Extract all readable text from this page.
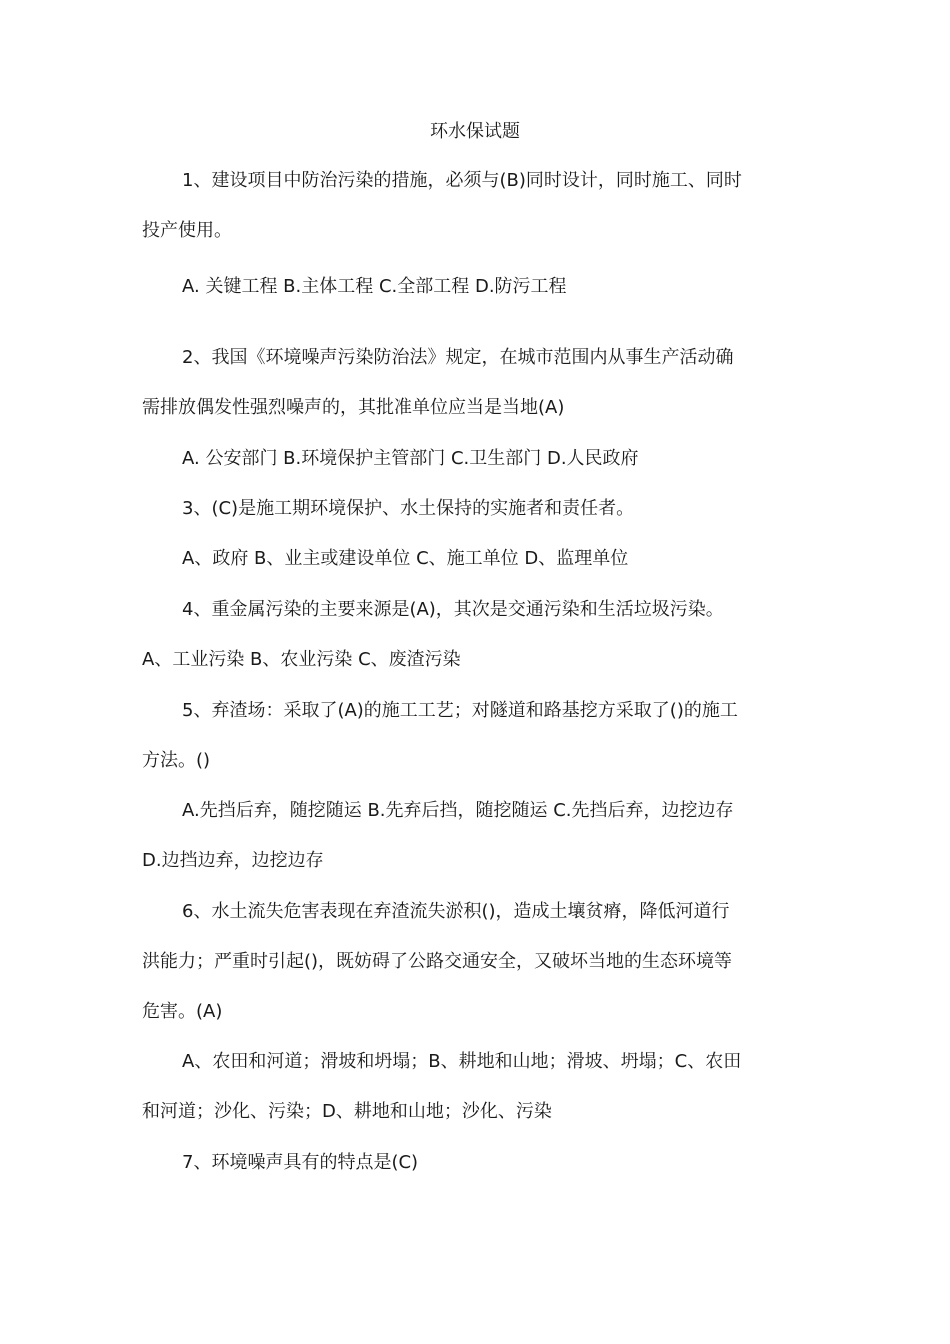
环水保试题
1、建设项目中防治污染的措施，必须与(B)同时设计，同时施工、同时
投产使用。
A. 关键工程 B.主体工程 C.全部工程 D.防污工程
2、我国《环境噪声污染防治法》规定，在城市范围内从事生产活动确
需排放偶发性强烈噪声的，其批准单位应当是当地(A)
A. 公安部门 B.环境保护主管部门 C.卫生部门 D.人民政府
3、(C)是施工期环境保护、水土保持的实施者和责任者。
A、政府 B、业主或建设单位 C、施工单位 D、监理单位
4、重金属污染的主要来源是(A)，其次是交通污染和生活垃圾污染。
A、工业污染 B、农业污染 C、废渣污染
5、弃渣场：采取了(A)的施工工艺；对隧道和路基挖方采取了()的施工
方法。()
A.先挡后弃，随挖随运 B.先弃后挡，随挖随运 C.先挡后弃，边挖边存
D.边挡边弃，边挖边存
6、水土流失危害表现在弃渣流失淤积()，造成土壤贫瘠，降低河道行
洪能力；严重时引起()，既妨碍了公路交通安全，又破坏当地的生态环境等
危害。(A)
A、农田和河道；滑坡和坍塌；B、耕地和山地；滑坡、坍塌；C、农田
和河道；沙化、污染；D、耕地和山地；沙化、污染
7、环境噪声具有的特点是(C)
